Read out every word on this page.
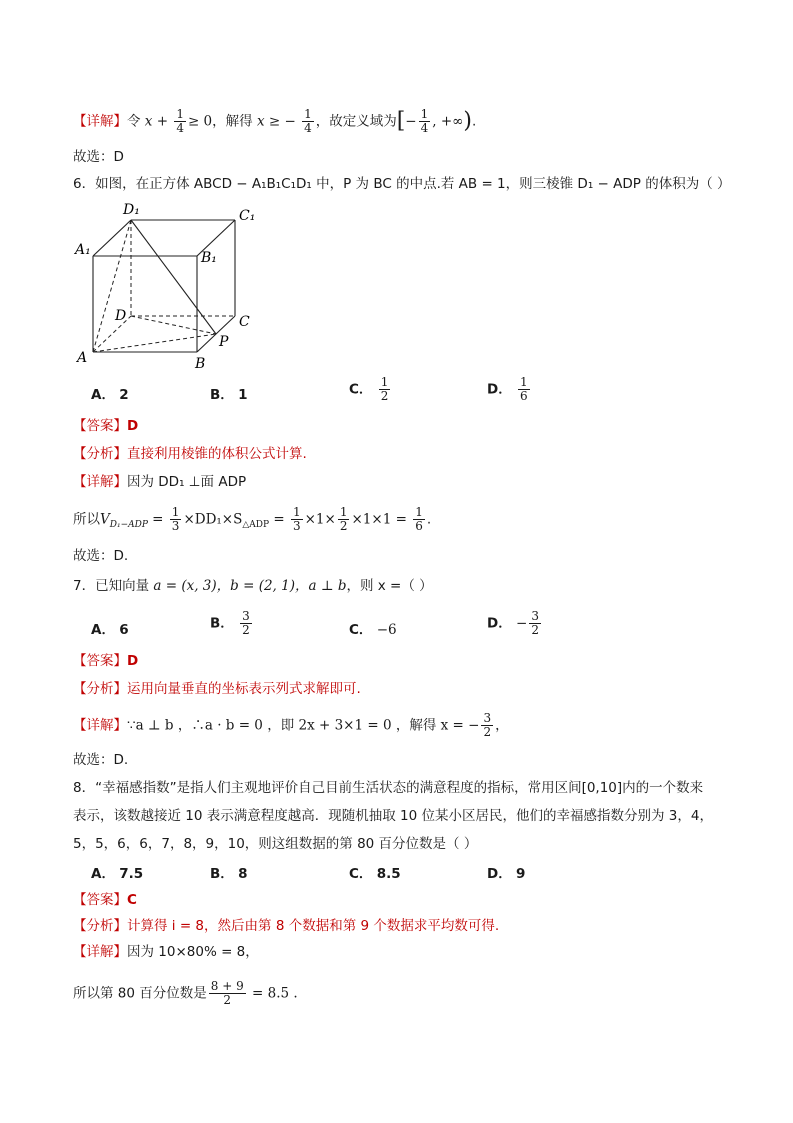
【详解】令 $x + \frac{1}{4} \ge 0$，解得 x ≥ − $\frac{1}{4}$ ，故定义域为[− $\frac{1}{4}$ , +∞).
故选：D
6．如图，在正方体 ABCD − A₁B₁C₁D₁ 中，P 为 BC 的中点.若 AB = 1，则三棱锥 D₁ − ADP 的体积为（ ）
D₁	C₁
A₁	B₁
D	C
A	B
P
A． 2	B． 1	C． $\frac{1}{2}$	D． $\frac{1}{6}$
【答案】D
【分析】直接利用棱锥的体积公式计算.
【详解】因为 DD₁ ⊥面 ADP
所以$V_{D_1-ADP} = \frac{1}{3} \times DD_1\times S_{\triangle ADP} = \frac{1}{3} \times 1\times \frac{1}{2} \times 1\times 1 = \frac{1}{6}$ .
故选：D.
7．已知向量 a = (x, 3)，b = (2, 1)，a ⊥ b，则 x =（ ）
A． 6	B． $\frac{3}{2}$	C． −6	D． − $\frac{3}{2}$
【答案】D
【分析】运用向量垂直的坐标表示列式求解即可.
【详解】∵a ⊥ b ，∴a · b = 0 ，即 2x + 3×1 = 0 ，解得 x = − $\frac{3}{2}$ ，
故选：D.
8．“幸福感指数”是指人们主观地评价自己目前生活状态的满意程度的指标，常用区间[0,10]内的一个数来
表示，该数越接近 10 表示满意程度越高．现随机抽取 10 位某小区居民，他们的幸福感指数分别为 3，4，
5，5，6，6，7，8，9，10，则这组数据的第 80 百分位数是（ ）
A． 7.5	B． 8	C． 8.5	D． 9
【答案】C
【分析】计算得 i = 8，然后由第 8 个数据和第 9 个数据求平均数可得.
【详解】因为 10×80% = 8，
所以第 80 百分位数是 $\frac{8 + 9}{2} = 8.5$ .
